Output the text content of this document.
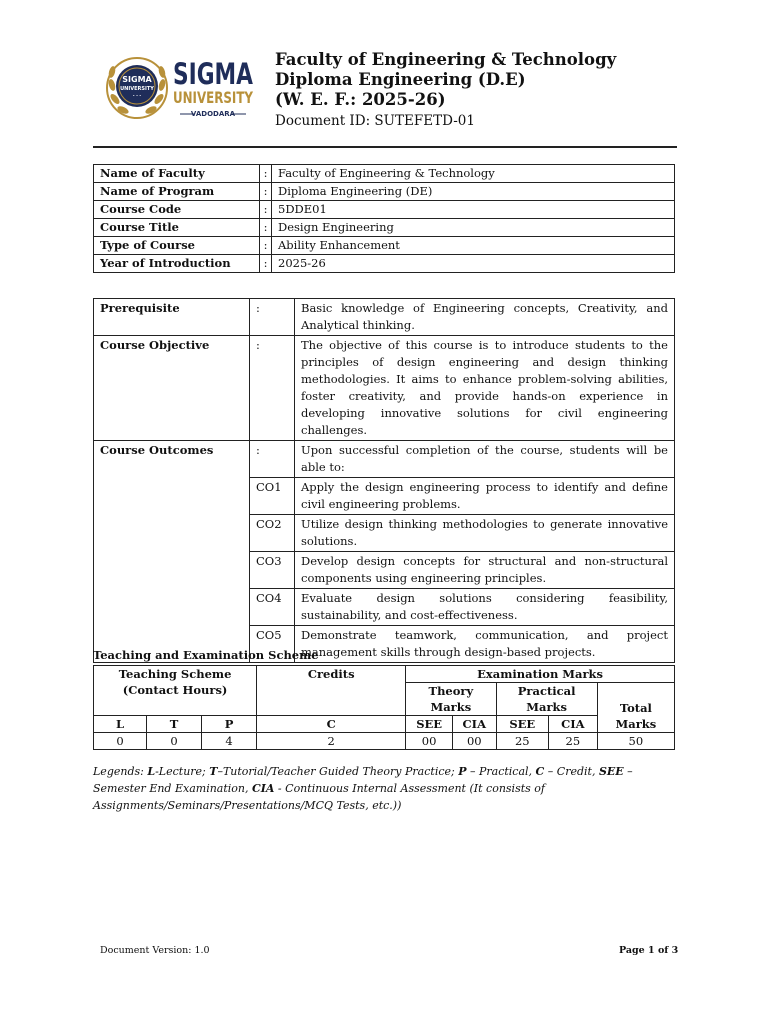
SIGMA
UNIVERSITY
• • •
SIGMA
UNIVERSITY
VADODARA
Faculty of Engineering & Technology
Diploma Engineering (D.E)
(W. E. F.: 2025-26)
Document ID: SUTEFETD-01
Name of Faculty	:	Faculty of Engineering & Technology
Name of Program	:	Diploma Engineering (DE)
Course Code	:	5DDE01
Course Title	:	Design Engineering
Type of Course	:	Ability Enhancement
Year of Introduction	:	2025-26
Prerequisite	:	Basic knowledge of Engineering concepts, Creativity, and Analytical thinking.
Course Objective	:	The objective of this course is to introduce students to the principles of design engineering and design thinking methodologies. It aims to enhance problem-solving abilities, foster creativity, and provide hands-on experience in developing innovative solutions for civil engineering challenges.
Course Outcomes	:	Upon successful completion of the course, students will be able to:
	CO1	Apply the design engineering process to identify and define civil engineering problems.
	CO2	Utilize design thinking methodologies to generate innovative solutions.
	CO3	Develop design concepts for structural and non-structural components using engineering principles.
	CO4	Evaluate design solutions considering feasibility, sustainability, and cost-effectiveness.
	CO5	Demonstrate teamwork, communication, and project management skills through design-based projects.
Teaching and Examination Scheme
Teaching Scheme (Contact Hours)			Credits	Examination Marks				
				Theory Marks		Practical Marks		Total Marks
L	T	P	C	SEE	CIA	SEE	CIA	
0	0	4	2	00	00	25	25	50
Legends: L-Lecture; T–Tutorial/Teacher Guided Theory Practice; P – Practical, C – Credit, SEE – Semester End Examination, CIA - Continuous Internal Assessment (It consists of Assignments/Seminars/Presentations/MCQ Tests, etc.))
Document Version: 1.0	Page 1 of 3
